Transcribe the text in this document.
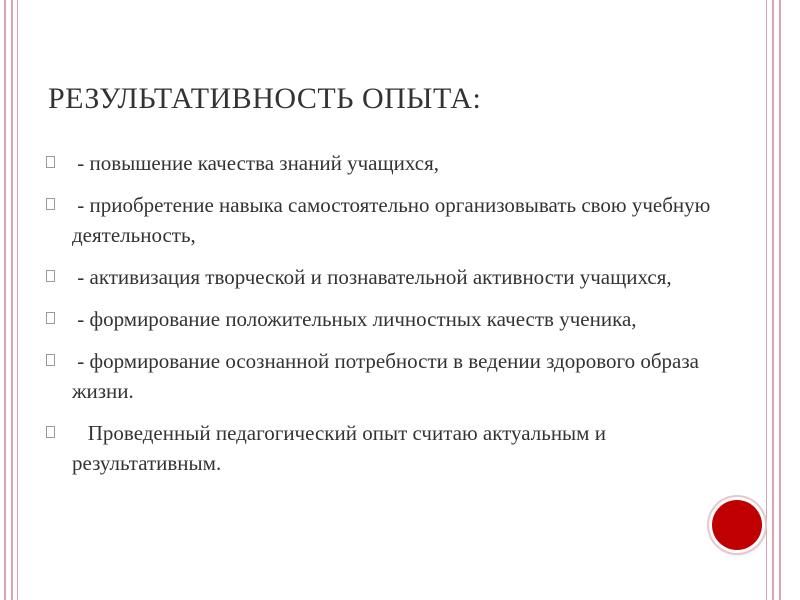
РЕЗУЛЬТАТИВНОСТЬ ОПЫТА:
- повышение качества знаний учащихся,
- приобретение навыка самостоятельно организовывать свою учебную деятельность,
- активизация творческой и познавательной активности учащихся,
- формирование положительных личностных качеств ученика,
- формирование осознанной потребности в ведении здорового образа жизни.
Проведенный педагогический опыт считаю актуальным и результативным.
